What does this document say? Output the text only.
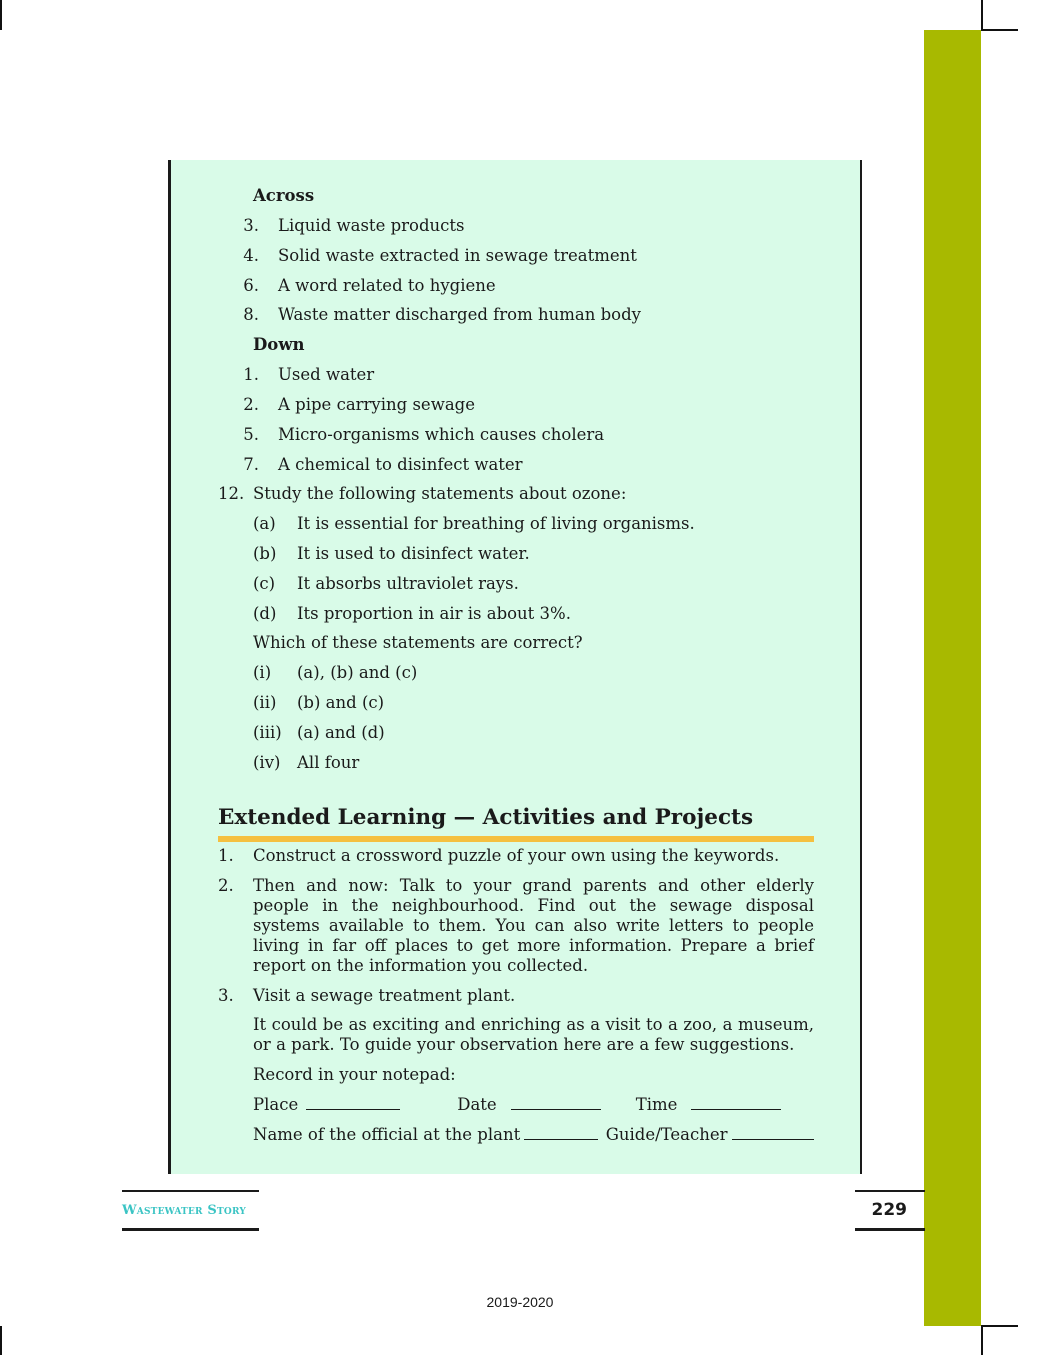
Across
3.	Liquid waste products
4.	Solid waste extracted in sewage treatment
6.	A word related to hygiene
8.	Waste matter discharged from human body
Down
1.	Used water
2.	A pipe carrying sewage
5.	Micro-organisms which causes cholera
7.	A chemical to disinfect water
12. Study the following statements about ozone:
(a)	It is essential for breathing of living organisms.
(b)	It is used to disinfect water.
(c)	It absorbs ultraviolet rays.
(d)	Its proportion in air is about 3%.
Which of these statements are correct?
(i)	(a), (b) and (c)
(ii)	(b) and (c)
(iii) (a) and (d)
(iv)	All four
Extended Learning — Activities and Projects
1.	Construct a crossword puzzle of your own using the keywords.
2.	Then and now: Talk to your grand parents and other elderly people in the neighbourhood. Find out the sewage disposal systems available to them. You can also write letters to people living in far off places to get more information. Prepare a brief report on the information you collected.
3.	Visit a sewage treatment plant.
It could be as exciting and enriching as a visit to a zoo, a museum, or a park. To guide your observation here are a few suggestions.
Record in your notepad:
Place	Date	Time
Name of the official at the plant	Guide/Teacher
Wastewater Story	229
2019-2020
